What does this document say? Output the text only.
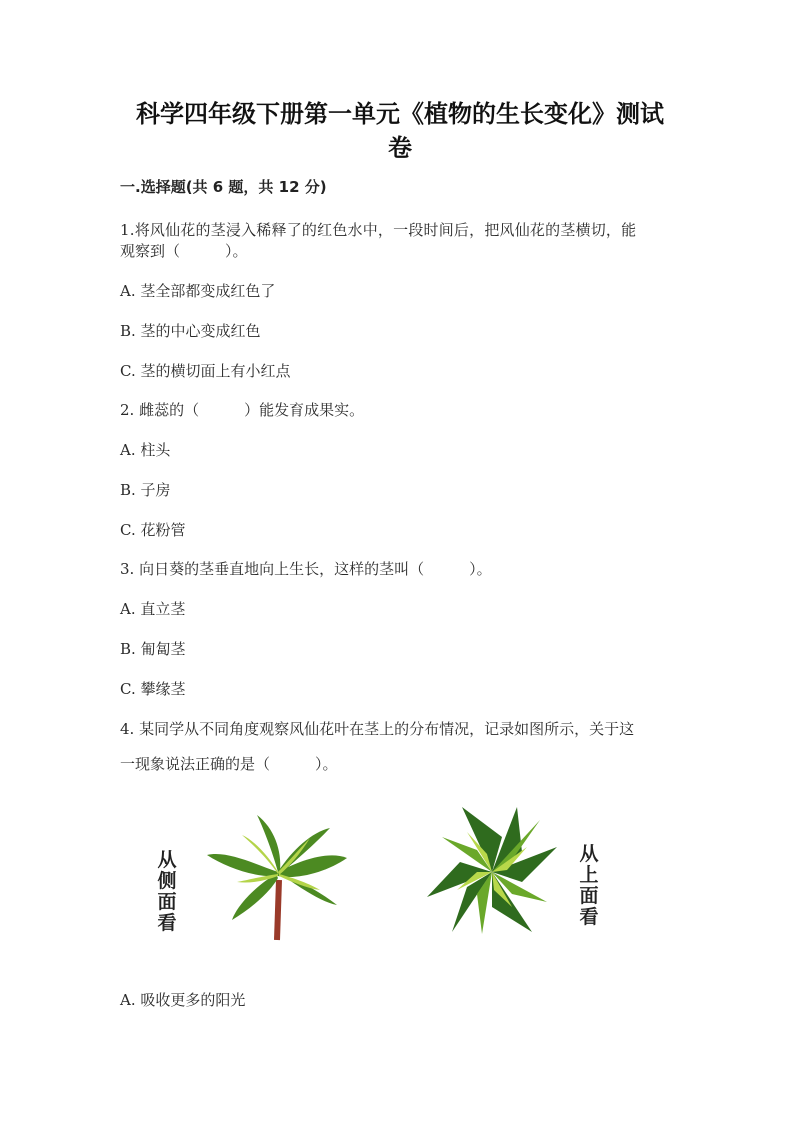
科学四年级下册第一单元《植物的生长变化》测试
卷
一.选择题(共 6 题，共 12 分)
1.将风仙花的茎浸入稀释了的红色水中，一段时间后，把风仙花的茎横切，能
观察到（　　　）。
A. 茎全部都变成红色了
B. 茎的中心变成红色
C. 茎的横切面上有小红点
2. 雌蕊的（　　　）能发育成果实。
A. 柱头
B. 子房
C. 花粉管
3. 向日葵的茎垂直地向上生长，这样的茎叫（　　　）。
A. 直立茎
B. 匍匐茎
C. 攀缘茎
4. 某同学从不同角度观察风仙花叶在茎上的分布情况，记录如图所示，关于这
一现象说法正确的是（　　　）。
从
侧
面
看
从
上
面
看
A. 吸收更多的阳光
